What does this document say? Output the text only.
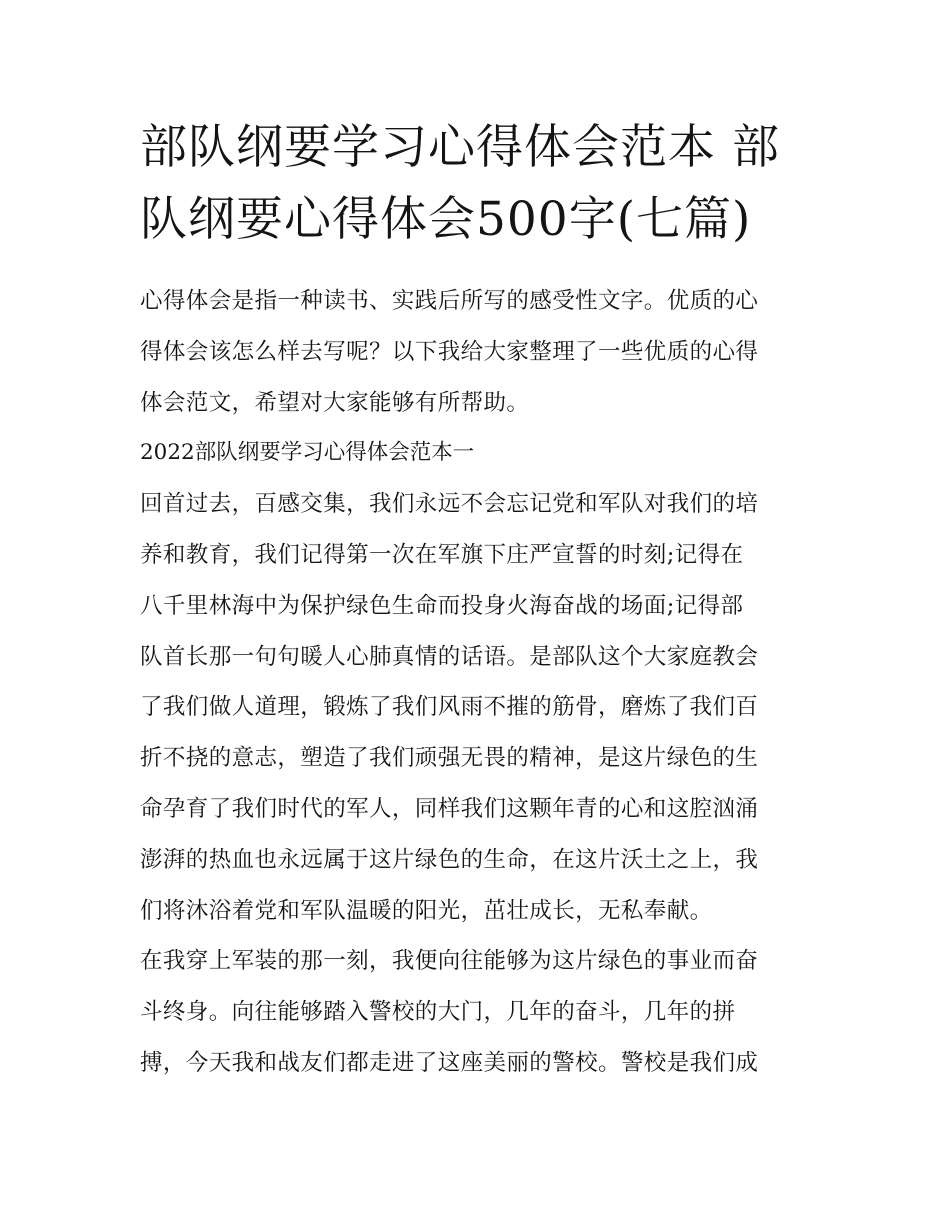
部队纲要学习心得体会范本 部
队纲要心得体会500字(七篇)

心得体会是指一种读书、实践后所写的感受性文字。优质的心
得体会该怎么样去写呢？以下我给大家整理了一些优质的心得
体会范文，希望对大家能够有所帮助。

2022部队纲要学习心得体会范本一

回首过去，百感交集，我们永远不会忘记党和军队对我们的培
养和教育，我们记得第一次在军旗下庄严宣誓的时刻;记得在
八千里林海中为保护绿色生命而投身火海奋战的场面;记得部
队首长那一句句暖人心肺真情的话语。是部队这个大家庭教会
了我们做人道理，锻炼了我们风雨不摧的筋骨，磨炼了我们百
折不挠的意志，塑造了我们顽强无畏的精神，是这片绿色的生
命孕育了我们时代的军人，同样我们这颗年青的心和这腔汹涌
澎湃的热血也永远属于这片绿色的生命，在这片沃土之上，我
们将沐浴着党和军队温暖的阳光，茁壮成长，无私奉献。

在我穿上军装的那一刻，我便向往能够为这片绿色的事业而奋
斗终身。向往能够踏入警校的大门，几年的奋斗，几年的拼
搏，今天我和战友们都走进了这座美丽的警校。警校是我们成
